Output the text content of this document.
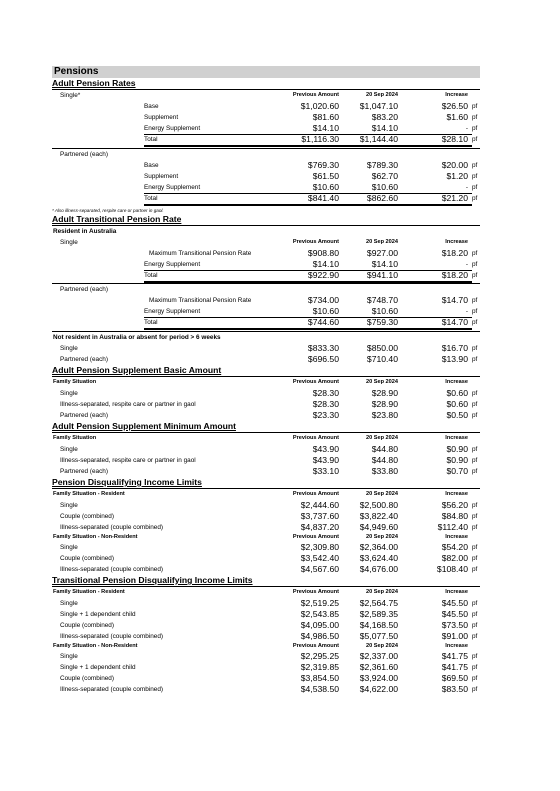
Pensions
Adult Pension Rates
Single*	Previous Amount	20 Sep 2024	Increase
Base	$1,020.60 $1,047.10	$26.50 pf
Supplement	$81.60	$83.20	$1.60 pf
Energy Supplement	$14.10	$14.10	- pf
Total	$1,116.30 $1,144.40	$28.10 pf
Partnered (each)
Base	$769.30	$789.30	$20.00 pf
Supplement	$61.50	$62.70	$1.20 pf
Energy Supplement	$10.60	$10.60	- pf
Total	$841.40	$862.60	$21.20 pf
* Also illness-separated, respite care or partner in gaol.
Adult Transitional Pension Rate
Resident in Australia
Single	Previous Amount	20 Sep 2024	Increase
Maximum Transitional Pension Rate	$908.80	$927.00	$18.20 pf
Energy Supplement	$14.10	$14.10	- pf
Total	$922.90	$941.10	$18.20 pf
Partnered (each)
-	-	-
Maximum Transitional Pension Rate	$734.00	$748.70	$14.70 pf
Energy Supplement	$10.60	$10.60	- pf
Total	$744.60	$759.30	$14.70 pf
Not resident in Australia or absent for period > 6 weeks
Single	$833.30	$850.00	$16.70 pf
Partnered (each)	$696.50	$710.40	$13.90 pf
Adult Pension Supplement Basic Amount
Family Situation	Previous Amount	20 Sep 2024	Increase
Single	$28.30	$28.90	$0.60 pf
Illness-separated, respite care or partner in gaol	$28.30	$28.90	$0.60 pf
Partnered (each)	$23.30	$23.80	$0.50 pf
Adult Pension Supplement Minimum Amount
Family Situation	Previous Amount	20 Sep 2024	Increase
Single	$43.90	$44.80	$0.90 pf
Illness-separated, respite care or partner in gaol	$43.90	$44.80	$0.90 pf
Partnered (each)	$33.10	$33.80	$0.70 pf
Pension Disqualifying Income Limits
Family Situation - Resident	Previous Amount	20 Sep 2024	Increase
Single	$2,444.60 $2,500.80	$56.20 pf
Couple (combined)	$3,737.60 $3,822.40	$84.80 pf
Illness-separated (couple combined)	$4,837.20 $4,949.60	$112.40 pf
Family Situation - Non-Resident	Previous Amount	20 Sep 2024	Increase
Single	$2,309.80 $2,364.00	$54.20 pf
Couple (combined)	$3,542.40 $3,624.40	$82.00 pf
Illness-separated (couple combined)	$4,567.60 $4,676.00	$108.40 pf
Transitional Pension Disqualifying Income Limits
Family Situation - Resident	Previous Amount	20 Sep 2024	Increase
Single	$2,519.25 $2,564.75	$45.50 pf
Single + 1 dependent child	$2,543.85 $2,589.35	$45.50 pf
Couple (combined)	$4,095.00 $4,168.50	$73.50 pf
Illness-separated (couple combined)	$4,986.50 $5,077.50	$91.00 pf
Family Situation - Non-Resident	Previous Amount	20 Sep 2024	Increase
Single	$2,295.25 $2,337.00	$41.75 pf
Single + 1 dependent child	$2,319.85 $2,361.60	$41.75 pf
Couple (combined)	$3,854.50 $3,924.00	$69.50 pf
Illness-separated (couple combined)	$4,538.50 $4,622.00	$83.50 pf
